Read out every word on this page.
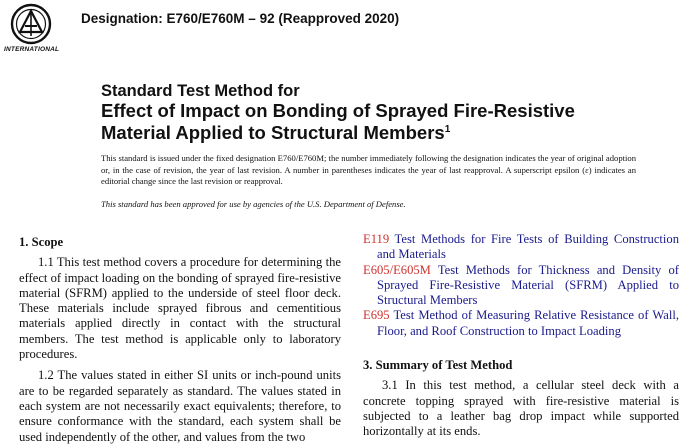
INTERNATIONAL
Designation: E760/E760M – 92 (Reapproved 2020)
Standard Test Method for
Effect of Impact on Bonding of Sprayed Fire-Resistive
Material Applied to Structural Members$^1$

This standard is issued under the fixed designation E760/E760M; the number immediately following the designation indicates the year of original adoption or, in the case of revision, the year of last revision. A number in parentheses indicates the year of last reapproval. A superscript epsilon (ε) indicates an editorial change since the last revision or reapproval.

This standard has been approved for use by agencies of the U.S. Department of Defense.
1. Scope

1.1 This test method covers a procedure for determining the effect of impact loading on the bonding of sprayed fire-resistive material (SFRM) applied to the underside of steel floor deck. These materials include sprayed fibrous and cementitious materials applied directly in contact with the structural members. The test method is applicable only to laboratory procedures.

1.2 The values stated in either SI units or inch-pound units are to be regarded separately as standard. The values stated in each system are not necessarily exact equivalents; therefore, to ensure conformance with the standard, each system shall be used independently of the other, and values from the two

E119 Test Methods for Fire Tests of Building Construction and Materials

E605/E605M Test Methods for Thickness and Density of Sprayed Fire-Resistive Material (SFRM) Applied to Structural Members

E695 Test Method of Measuring Relative Resistance of Wall, Floor, and Roof Construction to Impact Loading

3. Summary of Test Method

3.1 In this test method, a cellular steel deck with a concrete topping sprayed with fire-resistive material is subjected to a leather bag drop impact while supported horizontally at its ends.
